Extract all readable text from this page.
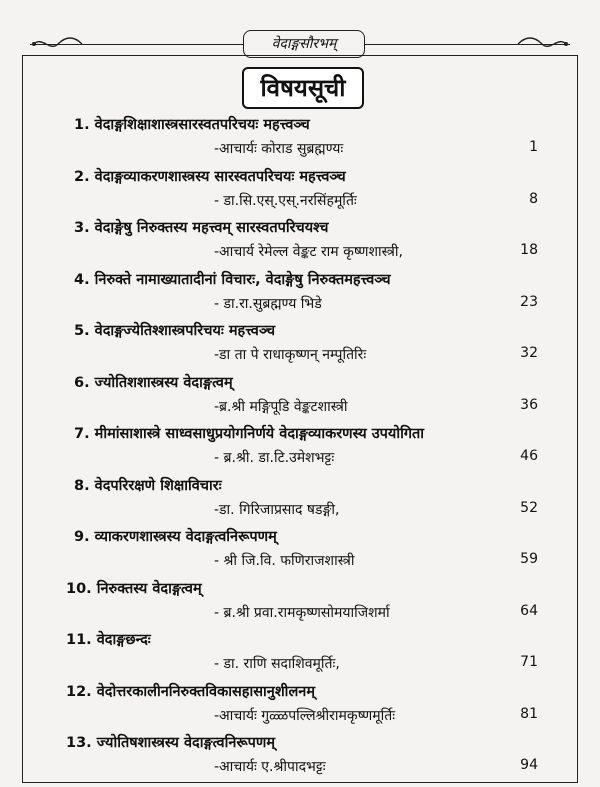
वेदाङ्गसौरभम्
विषयसूची
1. वेदाङ्गशिक्षाशास्त्रसारस्वतपरिचयः महत्त्वञ्च
-आचार्यः कोराड सुब्रह्मण्यः	1
2. वेदाङ्गव्याकरणशास्त्रस्य सारस्वतपरिचयः महत्त्वञ्च
- डा.सि.एस्.एस्.नरसिंहमूर्तिः	8
3. वेदाङ्गेषु निरुक्तस्य महत्त्वम् सारस्वतपरिचयश्च
-आचार्य रेमेल्ल वेङ्कट राम कृष्णशास्त्री,	18
4. निरुक्ते नामाख्यातादीनां विचारः, वेदाङ्गेषु निरुक्तमहत्त्वञ्च
- डा.रा.सुब्रह्मण्य भिडे	23
5. वेदाङ्गज्येतिश्शास्त्रपरिचयः महत्त्वञ्च
-डा ता पे राधाकृष्णन् नम्पूतिरिः	32
6. ज्योतिशशास्त्रस्य वेदाङ्गत्वम्
-ब्र.श्री मङ्गिपूडि वेङ्कटशास्त्री	36
7. मीमांसाशास्त्रे साध्वसाधुप्रयोगनिर्णये वेदाङ्गव्याकरणस्य उपयोगिता
- ब्र.श्री. डा.टि.उमेशभट्टः	46
8. वेदपरिरक्षणे शिक्षाविचारः
-डा. गिरिजाप्रसाद षडङ्गी,	52
9. व्याकरणशास्त्रस्य वेदाङ्गत्वनिरूपणम्
- श्री जि.वि. फणिराजशास्त्री	59
10. निरुक्तस्य वेदाङ्गत्वम्
- ब्र.श्री प्रवा.रामकृष्णसोमयाजिशर्मा	64
11. वेदाङ्गछन्दः
- डा. राणि सदाशिवमूर्तिः,	71
12. वेदोत्तरकालीननिरुक्तविकासहासानुशीलनम्
-आचार्यः गुळ्ळपल्लिश्रीरामकृष्णमूर्तिः	81
13. ज्योतिषशास्त्रस्य वेदाङ्गत्वनिरूपणम्
-आचार्यः ए.श्रीपादभट्टः	94
